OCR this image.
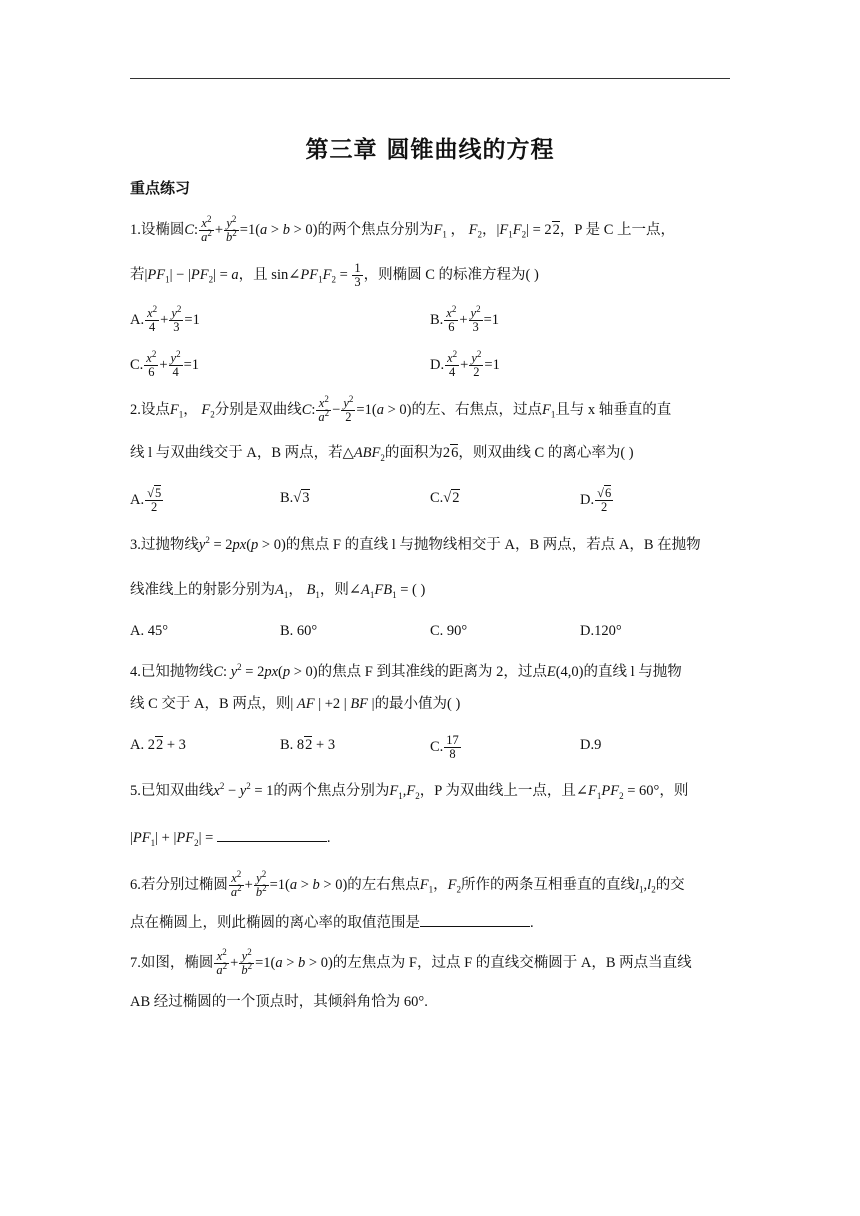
第三章 圆锥曲线的方程
重点练习
1.设椭圆C: $\frac{x^2}{a^2} + \frac{y^2}{b^2} =1(a > b > 0)$的两个焦点分别为$F_1$ ， $F_2$，$|F_1F_2| = 22$，P 是 C 上一点，
若$|PF_1| - |PF_2| = a$，且 $\sin\angle PF_1F_2 = \frac{1}{3}$ ，则椭圆 C 的标准方程为( )
A. $\frac{x^2}{4} + \frac{y^2}{3} =1$	B. $\frac{x^2}{6} + \frac{y^2}{3} =1$
C. $\frac{x^2}{6} + \frac{y^2}{4} =1$	D. $\frac{x^2}{4} + \frac{y^2}{2} =1$
2.设点$F_1$， $F_2$分别是双曲线C: $\frac{x^2}{a^2} - \frac{y^2}{2} =1(a > 0)$的左、右焦点，过点$F_1$且与 x 轴垂直的直
线 l 与双曲线交于 A，B 两点，若$\triangle ABF_2$的面积为26，则双曲线 C 的离心率为( )
A. $\frac{√5}{2}$	B.√3	C.√2	D. $\frac{√6}{2}$
3.过抛物线$y^2 = 2px(p > 0)$的焦点 F 的直线 l 与抛物线相交于 A，B 两点，若点 A，B 在抛物
线准线上的射影分别为$A_1$， $B_1$，则$\angle A_1FB_1$ = ( )
A. 45°	B. 60°	C. 90°	D.120°
4.已知抛物线C: $y^2 = 2px(p > 0)$的焦点 F 到其准线的距离为 2，过点E(4,0)的直线 l 与抛物
线 C 交于 A，B 两点，则| AF | +2 | BF |的最小值为( )
A. 22 + 3	B. 82 + 3	C. $\frac{17}{8}$	D.9
5.已知双曲线$x^2 - y^2 = 1$的两个焦点分别为$F_1,F_2$，P 为双曲线上一点，且$\angle F_1PF_2 = 60^\circ$，则
$|PF_1| + |PF_2|$ =	.
6.若分别过椭圆 $\frac{x^2}{a^2} + \frac{y^2}{b^2} =1(a > b > 0)$的左右焦点$F_1$，$F_2$所作的两条互相垂直的直线$l_1,l_2$的交
点在椭圆上，则此椭圆的离心率的取值范围是	.
7.如图，椭圆 $\frac{x^2}{a^2} + \frac{y^2}{b^2} =1(a > b > 0)$的左焦点为 F，过点 F 的直线交椭圆于 A，B 两点当直线
AB 经过椭圆的一个顶点时，其倾斜角恰为 60°.
